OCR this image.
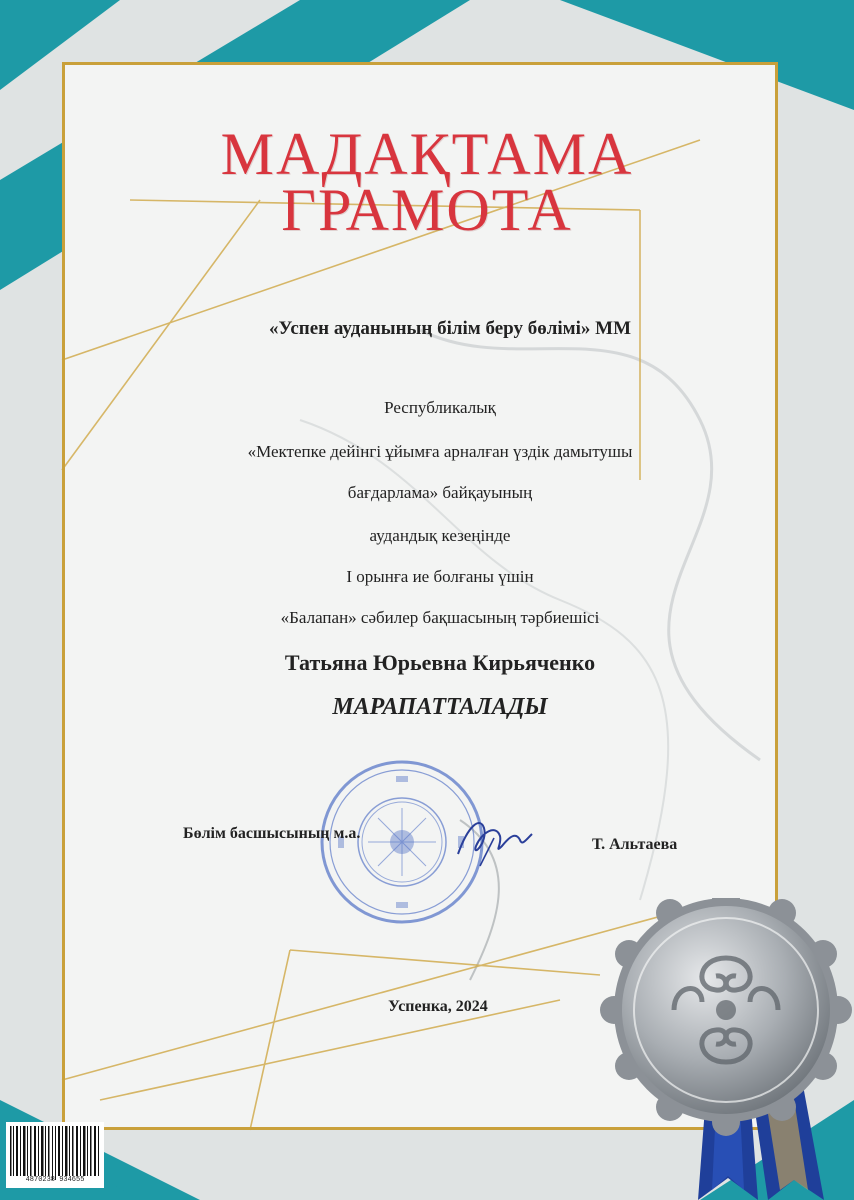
МАДАҚТАМА
ГРАМОТА
«Успен ауданының білім беру бөлімі» ММ
Республикалық
«Мектепке дейінгі ұйымға арналған үздік дамытушы
бағдарлама» байқауының
аудандық кезеңінде
І орынға ие болғаны үшін
«Балапан» сәбилер бақшасының тәрбиешісі
Татьяна Юрьевна Кирьяченко
МАРАПАТТАЛАДЫ
Бөлім басшысының м.а.
Т. Альтаева
Успенка, 2024
4870238 934655
